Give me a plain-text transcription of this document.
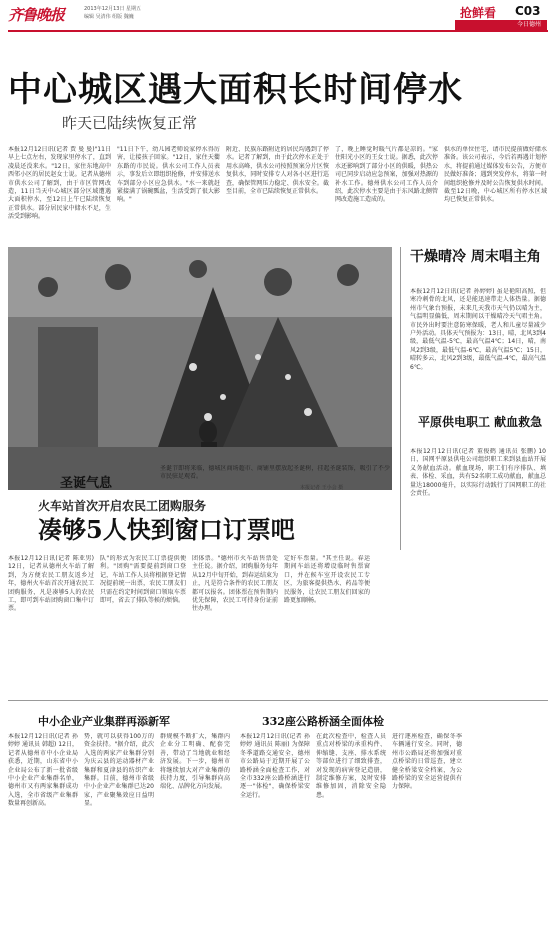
齐鲁晚报	2013年12月13日 星期五
编辑 吴清伟 组版 魏巍	抢鲜看 C03
今日德州
中心城区遇大面积长时间停水
昨天已陆续恢复正常
本报12月12日讯(记者 贾 曼 曼)"11日早上七点左右，发现家里停水了，直到凌晨还没来水。"12日，家住东地高中西邻小区的居民赵女士说。记者从德州市供水公司了解到，由于市区管网改造，11日当天中心城区部分区域遭遇大面积停水，至12日上午已陆续恢复正常供水。部分居民家中储水不足，生活受到影响。
"11日下午，幼儿园老师说家停水得厉害，让接孩子回家。"12日，家住天衢东路的市民说。供水公司工作人员表示，事发后立即组织抢修，并安排送水车到部分小区应急供水。"水一来就赶紧接满了锅碗瓢盆，生活受到了很大影响。"
附近、民族东路附近的居民均遇到了停水。记者了解到，由于此次停水正处于用水高峰，供水公司按照预案分片区恢复供水，同时安排专人对各小区进行巡查，确保管网压力稳定、供水安全。截至目前，全市已陆续恢复正常供水。
了，晚上睡觉时暖气片都是凉的。"家住阳光小区的王女士说。据悉，此次停水还影响到了部分小区的供暖，供热公司已同步启动应急预案，加强对热源的补水工作。德州供水公司工作人员介绍，此次停水主要是由于东风路北侧管网改造施工造成的。
供水的单位住宅，请市民提前做好储水准备。该公司表示，今后若再遇计划停水，将提前通过媒体发布公告，方便市民做好准备；遇到突发停水，将第一时间组织抢修并及时公告恢复供水时间。截至12日晚，中心城区所有停水区域均已恢复正常供水。
圣诞气息
圣诞节即将来临，德城区商场超市、商铺里摆放起圣诞树，挂起圣诞装饰，吸引了不少市民驻足观看。
本报记者 王小会 摄
干燥晴冷 周末唱主角
本报12月12日讯(记者 孙婷婷) 虽是艳阳高照，但寒冷刺骨的北风，还是能迅速带走人体热量。据德州市气象台预报，未来几天我市天气仍以晴为主，气温明显偏低，周末期间以干燥晴冷天气唱主角。市民外出时要注意防寒保暖，老人和儿童尽量减少户外活动。具体天气预报为：13日，晴，北风3到4级，最低气温-5℃，最高气温4℃；14日，晴，南风2到3级，最低气温-6℃，最高气温5℃；15日，晴转多云，北风2到3级，最低气温-4℃，最高气温6℃。
平原供电职工 献血救急
本报12月12日讯(记者 董俊鹤 通讯员 张鹏) 10日，国网平原县供电公司组织职工来到县血站开展义务献血活动。献血现场，职工们有序排队、填表、体检、采血，共有52名职工成功献血，献血总量达18000毫升，以实际行动践行了国网职工的社会责任。
火车站首次开启农民工团购服务
凑够5人快到窗口订票吧
本报12月12日讯(记者 陈亚男) 12日，记者从德州火车站了解到，为方便农民工朋友返乡过年，德州火车站首次开通农民工团购服务，凡是凑够5人的农民工，即可到车站团购窗口集中订票。
队"的形式为农民工订票提供便利。"团购"需要提前到窗口登记，车站工作人员将根据登记情况提前统一出票，农民工朋友们只需在约定时间到窗口领取车票即可，省去了排队等候的烦恼。
团体票。"德州市火车站售票处主任说。据介绍，团购服务每年从12月中旬开始，到春运结束为止，凡是符合条件的农民工朋友都可以报名。团体票在预售期内优先保障，农民工可持身份证前往办理。
定好车票量。"其主任说。春运期间车站还将增设临时售票窗口，并在候车室开设农民工专区，为旅客提供热水、药品等便民服务，让农民工朋友们回家的路更加顺畅。
中小企业产业集群再添新军
本报12月12日讯(记者 孙婷婷 通讯员 韩超) 12日，记者从德州市中小企业局获悉，近期，山东省中小企业局公布了新一批省级中小企业产业集群名单，德州市又有两家集群成功入选，全市省级产业集群数量再创新高。
势，就可以获得100万的资金扶持。"据介绍，此次入选的两家产业集群分别为庆云县的运动器材产业集群和夏津县的纺织产业集群。目前，德州市省级中小企业产业集群已达20家，产业聚集效应日益明显。
群规模不断扩大，集群内企业分工明确、配套完善，带动了当地就业和经济发展。下一步，德州市将继续加大对产业集群的扶持力度，引导集群向高端化、品牌化方向发展。
332座公路桥涵全面体检
本报12月12日讯(记者 孙婷婷 通讯员 陈丽) 为保障冬季道路交通安全，德州市公路局于近期开展了公路桥涵全面检查工作，对全市332座公路桥涵进行逐一"体检"，确保桥梁安全运行。
在此次检查中，检查人员重点对桥梁的承重构件、伸缩缝、支座、排水系统等部位进行了细致排查，对发现的病害登记造册，制定维修方案，及时安排维修加固，消除安全隐患。
进行逐座检查，确保冬季车辆通行安全。同时，德州市公路局还将加强对重点桥梁的日常巡查，建立健全桥梁安全档案，为公路桥梁的安全运营提供有力保障。
